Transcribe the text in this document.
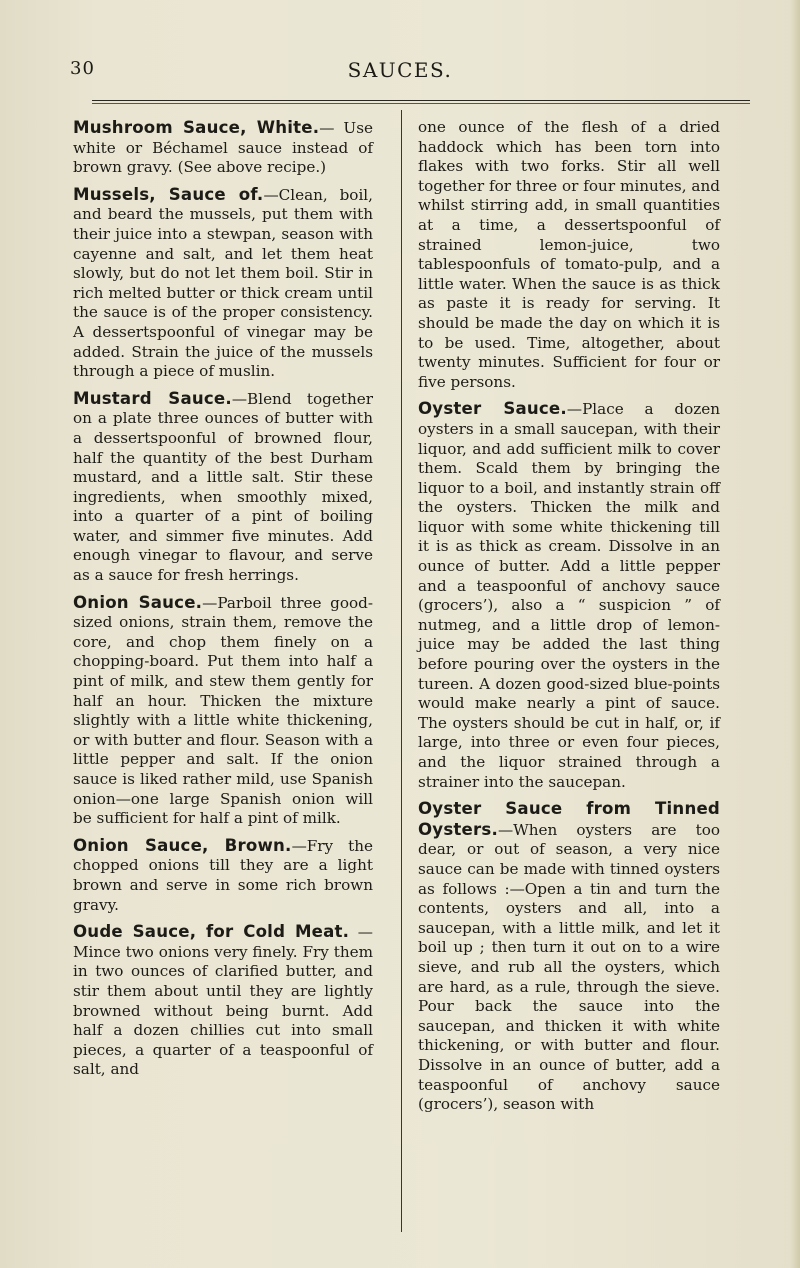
30	SAUCES.

Mushroom Sauce, White.— Use white or Béchamel sauce instead of brown gravy. (See above recipe.)

Mussels, Sauce of.—Clean, boil, and beard the mussels, put them with their juice into a stewpan, season with cayenne and salt, and let them heat slowly, but do not let them boil. Stir in rich melted butter or thick cream until the sauce is of the proper consistency. A dessertspoonful of vinegar may be added. Strain the juice of the mussels through a piece of muslin.

Mustard Sauce.—Blend together on a plate three ounces of butter with a dessertspoonful of browned flour, half the quantity of the best Durham mustard, and a little salt. Stir these ingredients, when smoothly mixed, into a quarter of a pint of boiling water, and simmer five minutes. Add enough vinegar to flavour, and serve as a sauce for fresh herrings.

Onion Sauce.—Parboil three good-sized onions, strain them, remove the core, and chop them finely on a chopping-board. Put them into half a pint of milk, and stew them gently for half an hour. Thicken the mixture slightly with a little white thickening, or with butter and flour. Season with a little pepper and salt. If the onion sauce is liked rather mild, use Spanish onion—one large Spanish onion will be sufficient for half a pint of milk.

Onion Sauce, Brown.—Fry the chopped onions till they are a light brown and serve in some rich brown gravy.

Oude Sauce, for Cold Meat. —Mince two onions very finely. Fry them in two ounces of clarified butter, and stir them about until they are lightly browned without being burnt. Add half a dozen chillies cut into small pieces, a quarter of a teaspoonful of salt, and

one ounce of the flesh of a dried haddock which has been torn into flakes with two forks. Stir all well together for three or four minutes, and whilst stirring add, in small quantities at a time, a dessertspoonful of strained lemon-juice, two tablespoonfuls of tomato-pulp, and a little water. When the sauce is as thick as paste it is ready for serving. It should be made the day on which it is to be used. Time, altogether, about twenty minutes. Sufficient for four or five persons.

Oyster Sauce.—Place a dozen oysters in a small saucepan, with their liquor, and add sufficient milk to cover them. Scald them by bringing the liquor to a boil, and instantly strain off the oysters. Thicken the milk and liquor with some white thickening till it is as thick as cream. Dissolve in an ounce of butter. Add a little pepper and a teaspoonful of anchovy sauce (grocers’), also a “ suspicion ” of nutmeg, and a little drop of lemon-juice may be added the last thing before pouring over the oysters in the tureen. A dozen good-sized blue-points would make nearly a pint of sauce. The oysters should be cut in half, or, if large, into three or even four pieces, and the liquor strained through a strainer into the saucepan.

Oyster Sauce from Tinned Oysters.—When oysters are too dear, or out of season, a very nice sauce can be made with tinned oysters as follows :—Open a tin and turn the contents, oysters and all, into a saucepan, with a little milk, and let it boil up ; then turn it out on to a wire sieve, and rub all the oysters, which are hard, as a rule, through the sieve. Pour back the sauce into the saucepan, and thicken it with white thickening, or with butter and flour. Dissolve in an ounce of butter, add a teaspoonful of anchovy sauce (grocers’), season with
